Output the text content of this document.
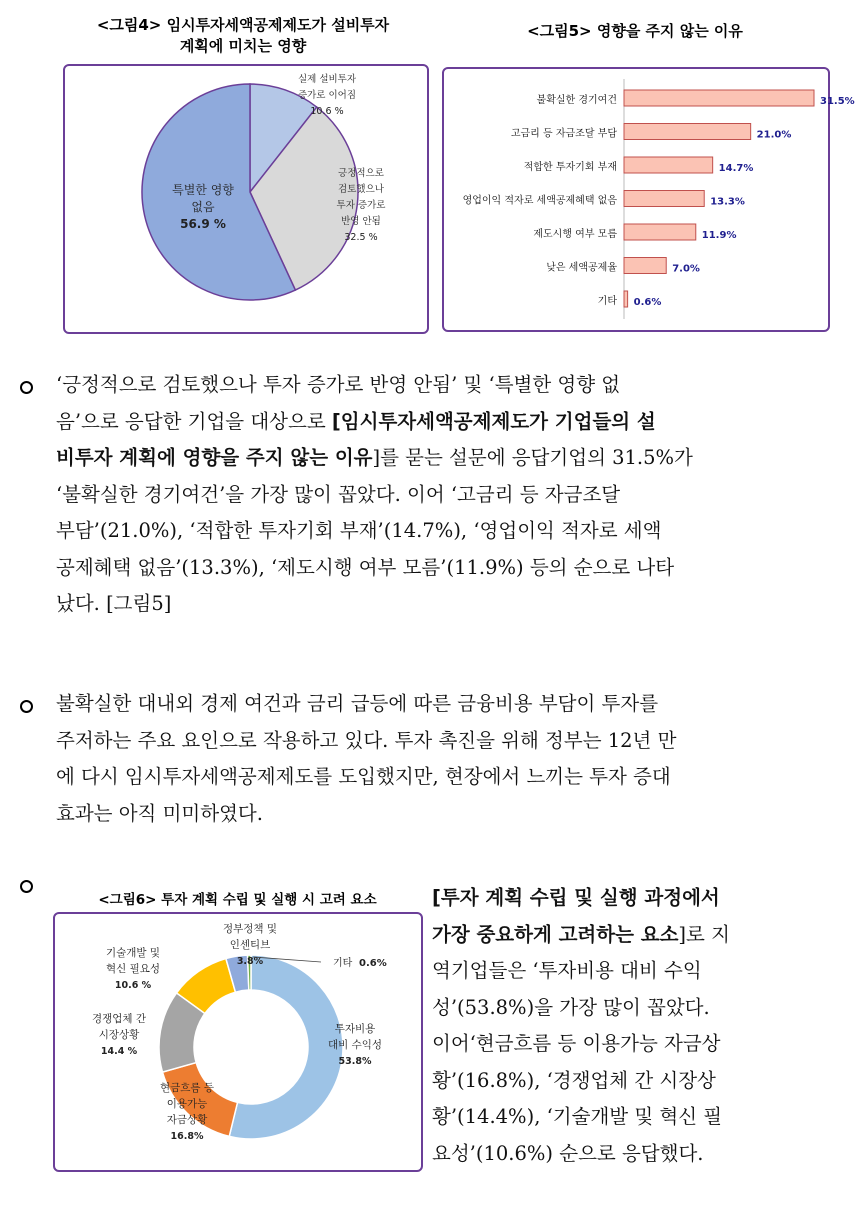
<그림4> 임시투자세액공제제도가 설비투자
계획에 미치는 영향
실제 설비투자
증가로 이어짐
10.6 %
긍정적으로
검토했으나
투자 증가로
반영 안됨
32.5 %
특별한 영향
없음
56.9 %
<그림5> 영향을 주지 않는 이유
불확실한 경기여건	31.5%
고금리 등 자금조달 부담	21.0%
적합한 투자기회 부재	14.7%
영업이익 적자로 세액공제혜택 없음	13.3%
제도시행 여부 모름	11.9%
낮은 세액공제율	7.0%
기타 0.6%
‘긍정적으로 검토했으나 투자 증가로 반영 안됨’ 및 ‘특별한 영향 없
음’으로 응답한 기업을 대상으로 [임시투자세액공제제도가 기업들의 설
비투자 계획에 영향을 주지 않는 이유]를 묻는 설문에 응답기업의 31.5%가
‘불확실한 경기여건’을 가장 많이 꼽았다. 이어 ‘고금리 등 자금조달
부담’(21.0%), ‘적합한 투자기회 부재’(14.7%), ‘영업이익 적자로 세액
공제혜택 없음’(13.3%), ‘제도시행 여부 모름’(11.9%) 등의 순으로 나타
났다. [그림5]
불확실한 대내외 경제 여건과 금리 급등에 따른 금융비용 부담이 투자를
주저하는 주요 요인으로 작용하고 있다. 투자 촉진을 위해 정부는 12년 만
에 다시 임시투자세액공제제도를 도입했지만, 현장에서 느끼는 투자 증대
효과는 아직 미미하였다.
<그림6> 투자 계획 수립 및 실행 시 고려 요소
투자비용
대비 수익성
53.8%
현금흐름 등
이용가능
자금상황
16.8%
경쟁업체 간
시장상황
14.4 %
기술개발 및
혁신 필요성
10.6 %
정부정책 및
인센티브
3.8%	기타 0.6%
[투자 계획 수립 및 실행 과정에서
가장 중요하게 고려하는 요소]로 지
역기업들은 ‘투자비용 대비 수익
성’(53.8%)을 가장 많이 꼽았다.
이어‘현금흐름 등 이용가능 자금상
황’(16.8%), ‘경쟁업체 간 시장상
황’(14.4%), ‘기술개발 및 혁신 필
요성’(10.6%) 순으로 응답했다.
